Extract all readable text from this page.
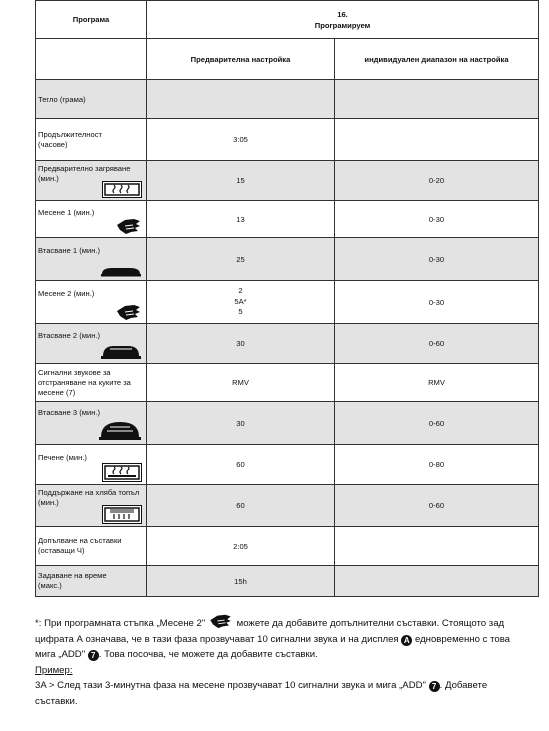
Програма	16.
Програмируем	

	Предварителна настройка	индивидуален диапазон на настройка
Тегло (грама)		

Продължителност (часове)	3:05	

Предварително загряване (мин.)	15	0-20

Месене 1 (мин.)	13	0-30

Втасване 1 (мин.)	25	0-30

Месене 2 (мин.)	2
5A*
5	0-30

Втасване 2 (мин.)	30	0-60

Сигнални звукове за отстраняване на куките за месене (7)	RMV	RMV

Втасване 3 (мин.)	30	0-60

Печене (мин.)	60	0-80

Поддържане на хляба топъл (мин.)	60	0-60

Допълване на съставки (оставащи Ч)	2:05	

Задаване на време (макс.)	15h	

*: При програмната стъпка „Месене 2"	можете да добавите допълнителни съставки. Стоящото зад цифрата А означава, че в тази фаза прозвучават 10 сигнални звука и на дисплея A едновременно с това мига „ADD" 7 . Това посочва, че можете да добавите съставки.

Пример:

3A > След тази 3-минутна фаза на месене прозвучават 10 сигнални звука и мига „ADD" 7 . Добавете съставки.
